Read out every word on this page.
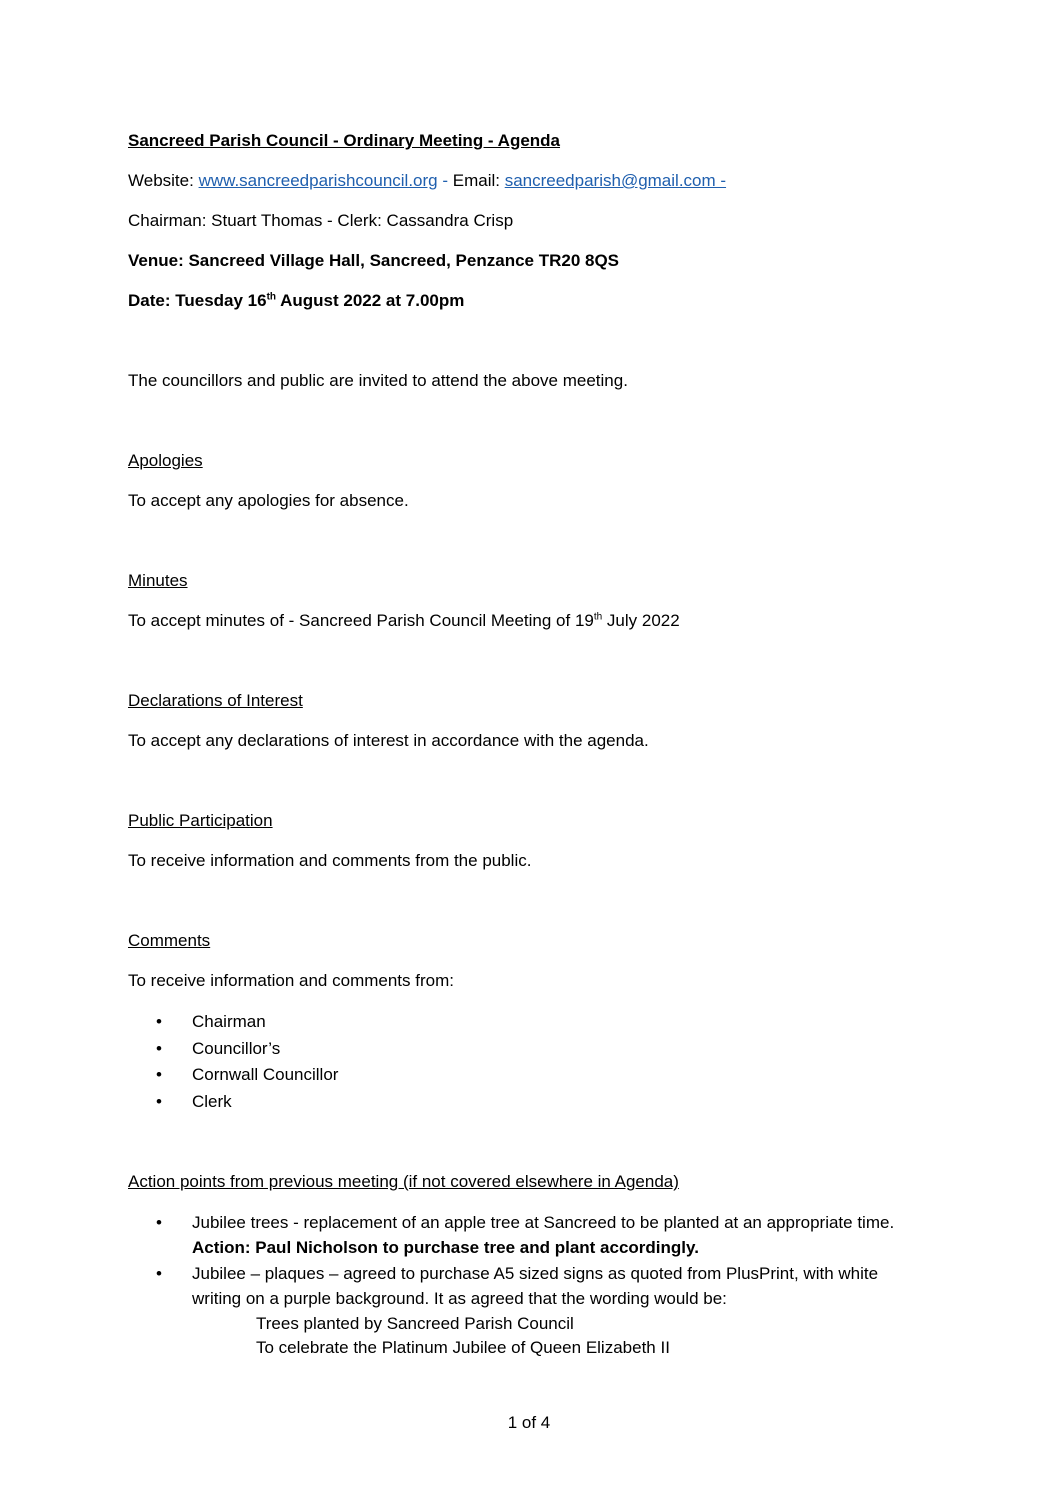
Sancreed Parish Council - Ordinary Meeting - Agenda
Website: www.sancreedparishcouncil.org - Email: sancreedparish@gmail.com -
Chairman: Stuart Thomas - Clerk: Cassandra Crisp
Venue: Sancreed Village Hall, Sancreed, Penzance TR20 8QS
Date: Tuesday 16th August 2022 at 7.00pm
The councillors and public are invited to attend the above meeting.
Apologies
To accept any apologies for absence.
Minutes
To accept minutes of - Sancreed Parish Council Meeting of 19th July 2022
Declarations of Interest
To accept any declarations of interest in accordance with the agenda.
Public Participation
To receive information and comments from the public.
Comments
To receive information and comments from:
•	Chairman
•	Councillor’s
•	Cornwall Councillor
•	Clerk
Action points from previous meeting (if not covered elsewhere in Agenda)
•	Jubilee trees - replacement of an apple tree at Sancreed to be planted at an appropriate time.
Action: Paul Nicholson to purchase tree and plant accordingly.
•	Jubilee – plaques – agreed to purchase A5 sized signs as quoted from PlusPrint, with white
writing on a purple background. It as agreed that the wording would be:
Trees planted by Sancreed Parish Council
To celebrate the Platinum Jubilee of Queen Elizabeth II
1 of 4
